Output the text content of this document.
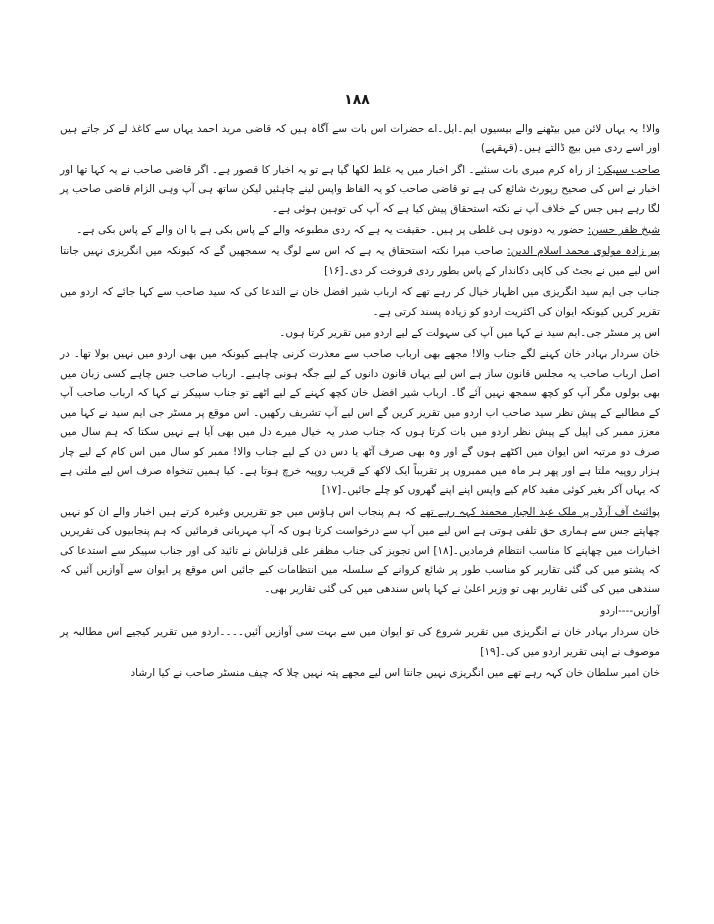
۱۸۸

والا! یہ یہاں لائن میں بیٹھنے والے بیسیوں ایم۔ایل۔اے حضرات اس بات سے آگاہ ہیں کہ قاضی مرید احمد یہاں سے کاغذ لے کر جاتے ہیں اور اسے ردی میں بیچ ڈالتے ہیں۔(قہقہے)

صاحب سپیکر: از راہ کرم میری بات سنئیے۔ اگر اخبار میں یہ غلط لکھا گیا ہے تو یہ اخبار کا قصور ہے۔ اگر قاضی صاحب نے یہ کہا تھا اور اخبار نے اس کی صحیح رپورٹ شائع کی ہے تو قاضی صاحب کو یہ الفاظ واپس لینے چاہئیں لیکن ساتھ ہی آپ وہی الزام قاضی صاحب پر لگا رہے ہیں جس کے خلاف آپ نے نکتہ استحقاق پیش کیا ہے کہ آپ کی توہین ہوئی ہے۔

شیخ ظفر حسن: حضور یہ دونوں ہی غلطی پر ہیں۔ حقیقت یہ ہے کہ ردی مطبوعہ والے کے پاس بکی ہے یا ان والے کے پاس بکی ہے۔

پیر زادہ مولوی محمد اسلام الدین: صاحب میرا نکتہ استحقاق یہ ہے کہ اس سے لوگ یہ سمجھیں گے کہ کیونکہ میں انگریزی نہیں جانتا اس لیے میں نے بجٹ کی کاپی دکاندار کے پاس بطور ردی فروخت کر دی۔[۱۶]

جناب جی ایم سید انگریزی میں اظہار خیال کر رہے تھے کہ ارباب شیر افضل خان نے التدعا کی کہ سید صاحب سے کہا جائے کہ اردو میں تقریر کریں کیونکہ ایوان کی اکثریت اردو کو زیادہ پسند کرتی ہے۔

اس پر مسٹر جی۔ایم سید نے کہا میں آپ کی سہولت کے لیے اردو میں تقریر کرتا ہوں۔

خان سردار بہادر خان کہنے لگے جناب والا! مجھے بھی ارباب صاحب سے معذرت کرنی چاہیے کیونکہ میں بھی اردو میں نہیں بولا تھا۔ در اصل ارباب صاحب یہ مجلس قانون ساز ہے اس لیے یہاں قانون دانوں کے لیے جگہ ہونی چاہیے۔ ارباب صاحب جس چاہے کسی زبان میں بھی بولوں مگر آپ کو کچھ سمجھ نہیں آئے گا۔ ارباب شیر افضل خان کچھ کہنے کے لیے اٹھے تو جناب سپیکر نے کہا کہ ارباب صاحب آپ کے مطالبے کے پیش نظر سید صاحب اب اردو میں تقریر کریں گے اس لیے آپ تشریف رکھیں۔ اس موقع پر مسٹر جی ایم سید نے کہا میں معزز ممبر کی اپیل کے پیش نظر اردو میں بات کرتا ہوں کہ جناب صدر یہ خیال میرے دل میں بھی آیا ہے نہیں سکتا کہ ہم سال میں صرف دو مرتبہ اس ایوان میں اکٹھے ہوں گے اور وہ بھی صرف آٹھ یا دس دن کے لیے جناب والا! ممبر کو سال میں اس کام کے لیے چار ہزار روپیہ ملتا ہے اور پھر ہر ماہ میں ممبروں پر تقریباً ایک لاکھ کے قریب روپیہ خرچ ہوتا ہے۔ کیا ہمیں تنخواہ صرف اس لیے ملتی ہے کہ یہاں آکر بغیر کوئی مفید کام کیے واپس اپنے اپنے گھروں کو چلے جائیں۔[۱۷]

پوائنٹ آف آرڈر پر ملک عبد الجبار محمند کہہ رہے تھے کہ ہم پنجاب اس ہاؤس میں جو تقریریں وغیرہ کرتے ہیں اخبار والے ان کو نہیں چھاپتے جس سے ہماری حق تلفی ہوتی ہے اس لیے میں آپ سے درخواست کرتا ہوں کہ آپ مہربانی فرمائیں کہ ہم پنجابیوں کی تقریریں اخبارات میں چھاپنے کا مناسب انتظام فرمادیں۔[۱۸] اس تجویز کی جناب مظفر علی قزلباش نے تائید کی اور جناب سپیکر سے استدعا کی کہ پشتو میں کی گئی تقاریر کو مناسب طور پر شائع کروانے کے سلسلہ میں انتظامات کیے جائیں اس موقع پر ایوان سے آوازیں آئیں کہ سندھی میں کی گئی تقاریر بھی تو وزیر اعلیٰ نے کہا پاس سندھی میں کی گئی تقاریر بھی۔

آوازیں----اردو

خان سردار بہادر خان نے انگریزی میں تقریر شروع کی تو ایوان میں سے بہت سی آوازیں آئیں۔۔۔۔اردو میں تقریر کیجیے اس مطالبہ پر موصوف نے اپنی تقریر اردو میں کی۔[۱۹]

خان امیر سلطان خان کہہ رہے تھے میں انگریزی نہیں جانتا اس لیے مجھے پتہ نہیں چلا کہ چیف منسٹر صاحب نے کیا ارشاد
